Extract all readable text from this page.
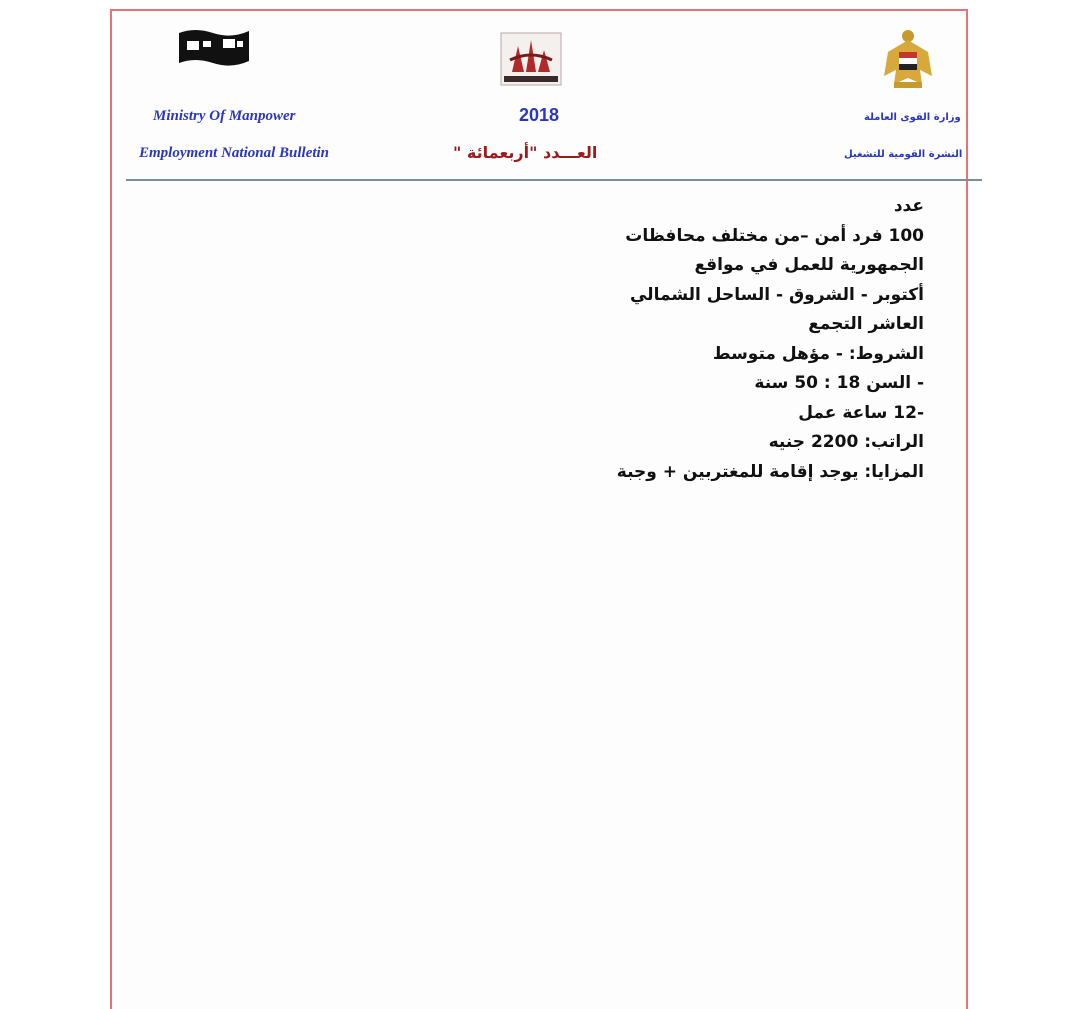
Ministry Of Manpower
Employment National Bulletin
2018
العـــدد "أربعمائة "
وزارة القوى العاملة
النشرة القومية للتشغيل
عدد
100 فرد أمن –من مختلف محافظات
الجمهورية للعمل في مواقع
أكتوبر - الشروق - الساحل الشمالي
العاشر التجمع
الشروط: - مؤهل متوسط
- السن 18 : 50 سنة
-12 ساعة عمل
الراتب: 2200 جنيه
المزايا: يوجد إقامة للمغتربين + وجبة
